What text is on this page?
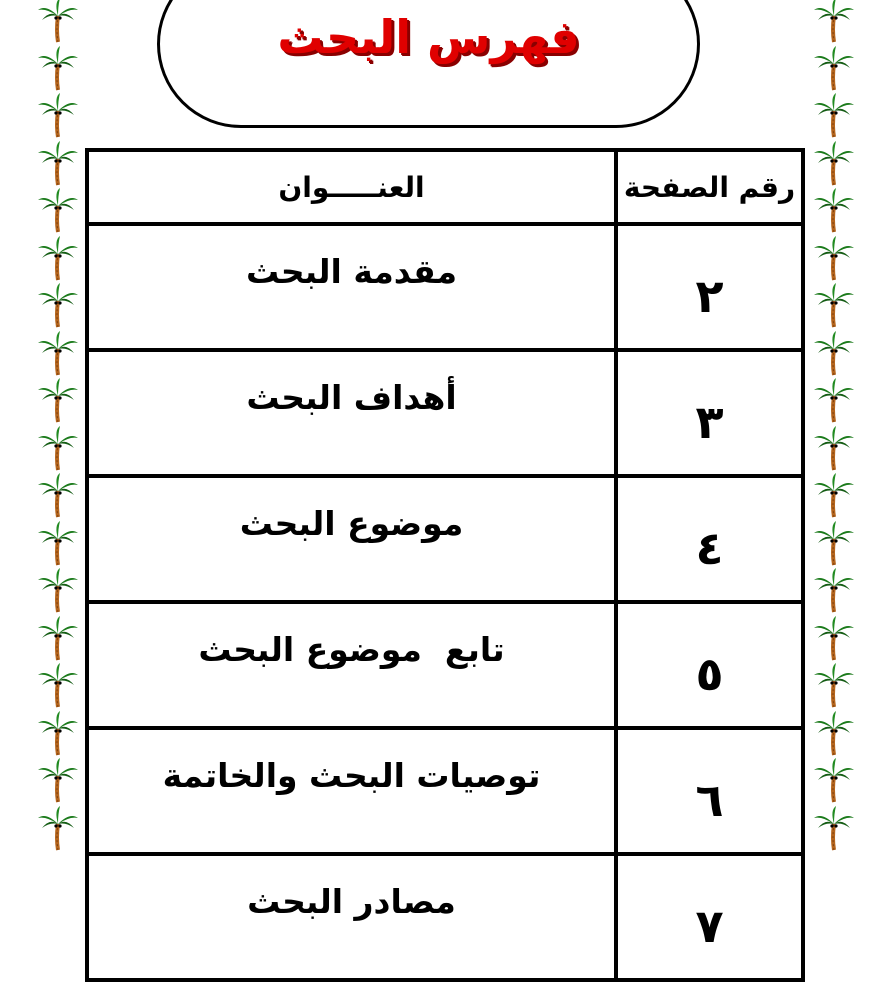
فهرس البحث
رقم الصفحة	العنـــــوان
٢	مقدمة البحث
٣	أهداف البحث
٤	موضوع البحث
٥	تابع  موضوع البحث
٦	توصيات البحث والخاتمة
٧	مصادر البحث
